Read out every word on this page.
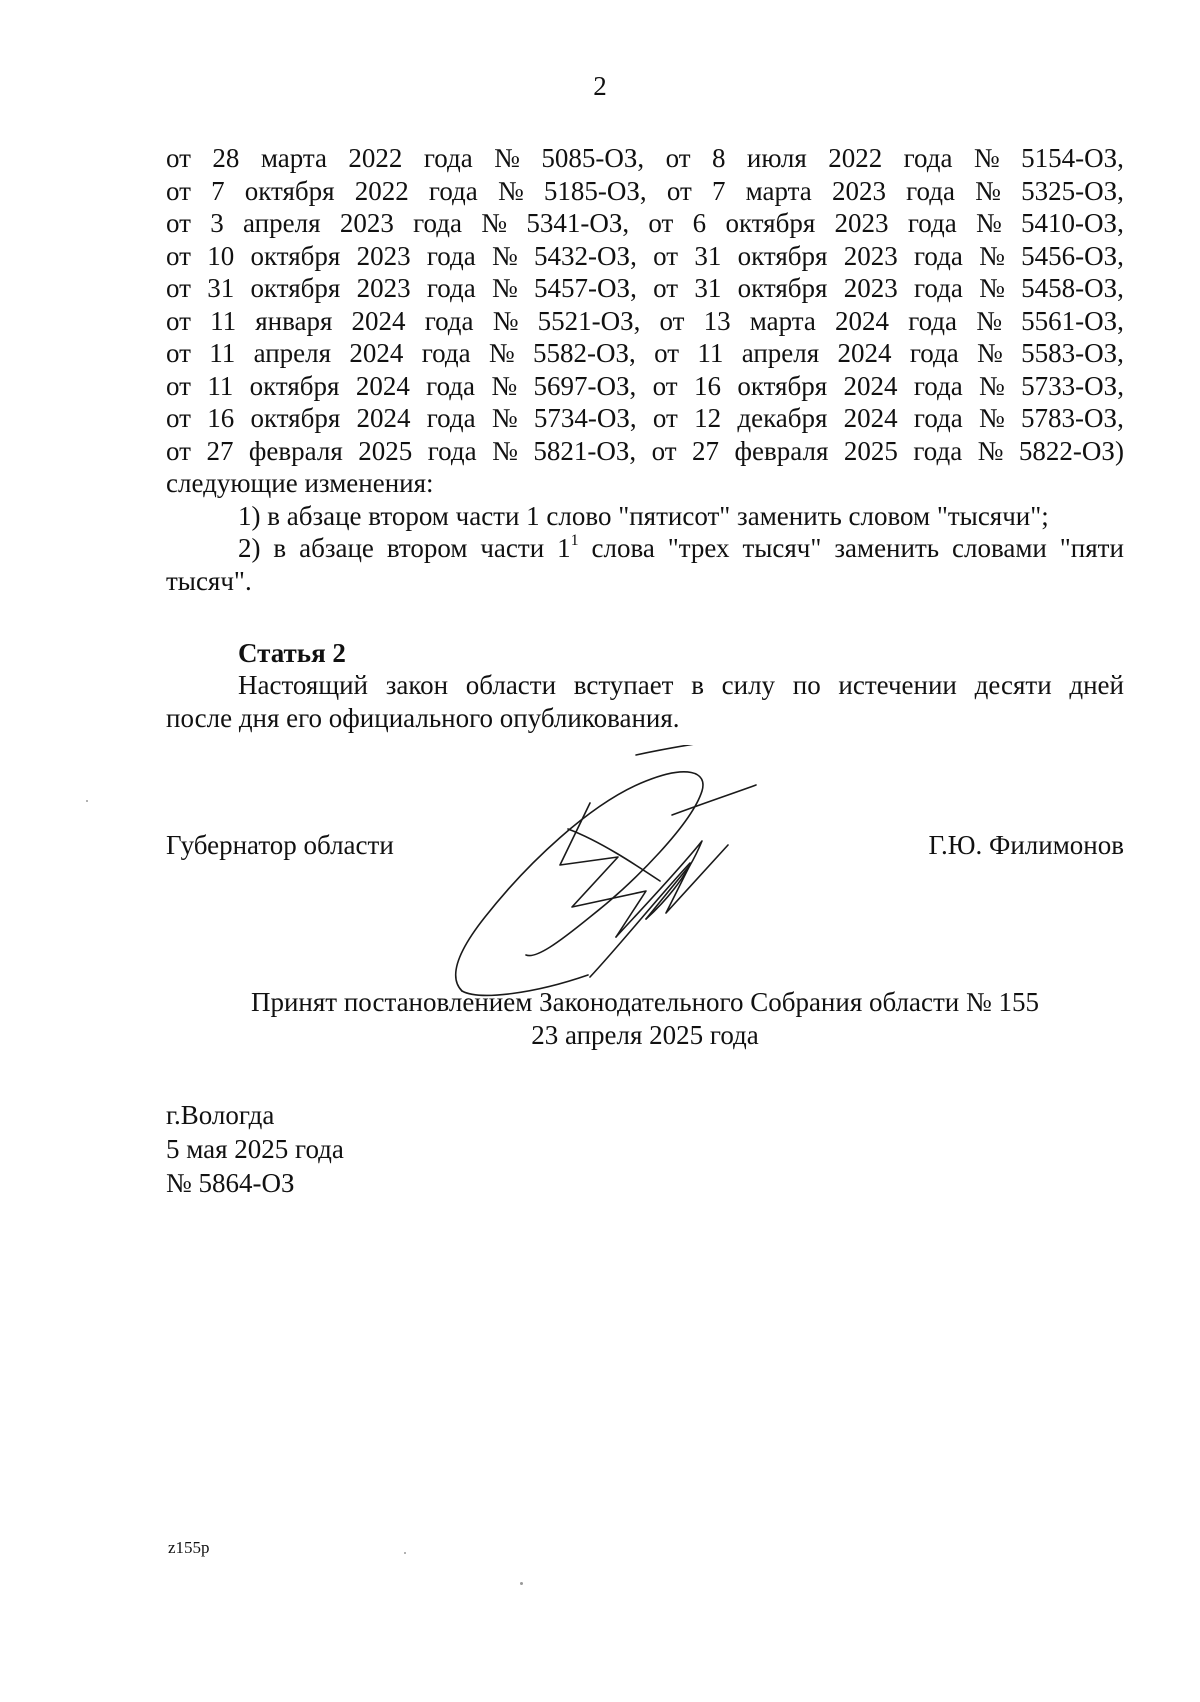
2
от 28 марта 2022 года № 5085-ОЗ, от 8 июля 2022 года № 5154-ОЗ,
от 7 октября 2022 года № 5185-ОЗ, от 7 марта 2023 года № 5325-ОЗ,
от 3 апреля 2023 года № 5341-ОЗ, от 6 октября 2023 года № 5410-ОЗ,
от 10 октября 2023 года № 5432-ОЗ, от 31 октября 2023 года № 5456-ОЗ,
от 31 октября 2023 года № 5457-ОЗ, от 31 октября 2023 года № 5458-ОЗ,
от 11 января 2024 года № 5521-ОЗ, от 13 марта 2024 года № 5561-ОЗ,
от 11 апреля 2024 года № 5582-ОЗ, от 11 апреля 2024 года № 5583-ОЗ,
от 11 октября 2024 года № 5697-ОЗ, от 16 октября 2024 года № 5733-ОЗ,
от 16 октября 2024 года № 5734-ОЗ, от 12 декабря 2024 года № 5783-ОЗ,
от 27 февраля 2025 года № 5821-ОЗ, от 27 февраля 2025 года № 5822-ОЗ)
следующие изменения:
1) в абзаце втором части 1 слово "пятисот" заменить словом "тысячи";
2) в абзаце втором части $1^1$ слова "трех тысяч" заменить словами "пяти
тысяч".
Статья 2
Настоящий закон области вступает в силу по истечении десяти дней
после дня его официального опубликования.
Губернатор области	Г.Ю. Филимонов
Принят постановлением Законодательного Собрания области № 155
23 апреля 2025 года
г.Вологда
5 мая 2025 года
№ 5864-ОЗ
z155p
